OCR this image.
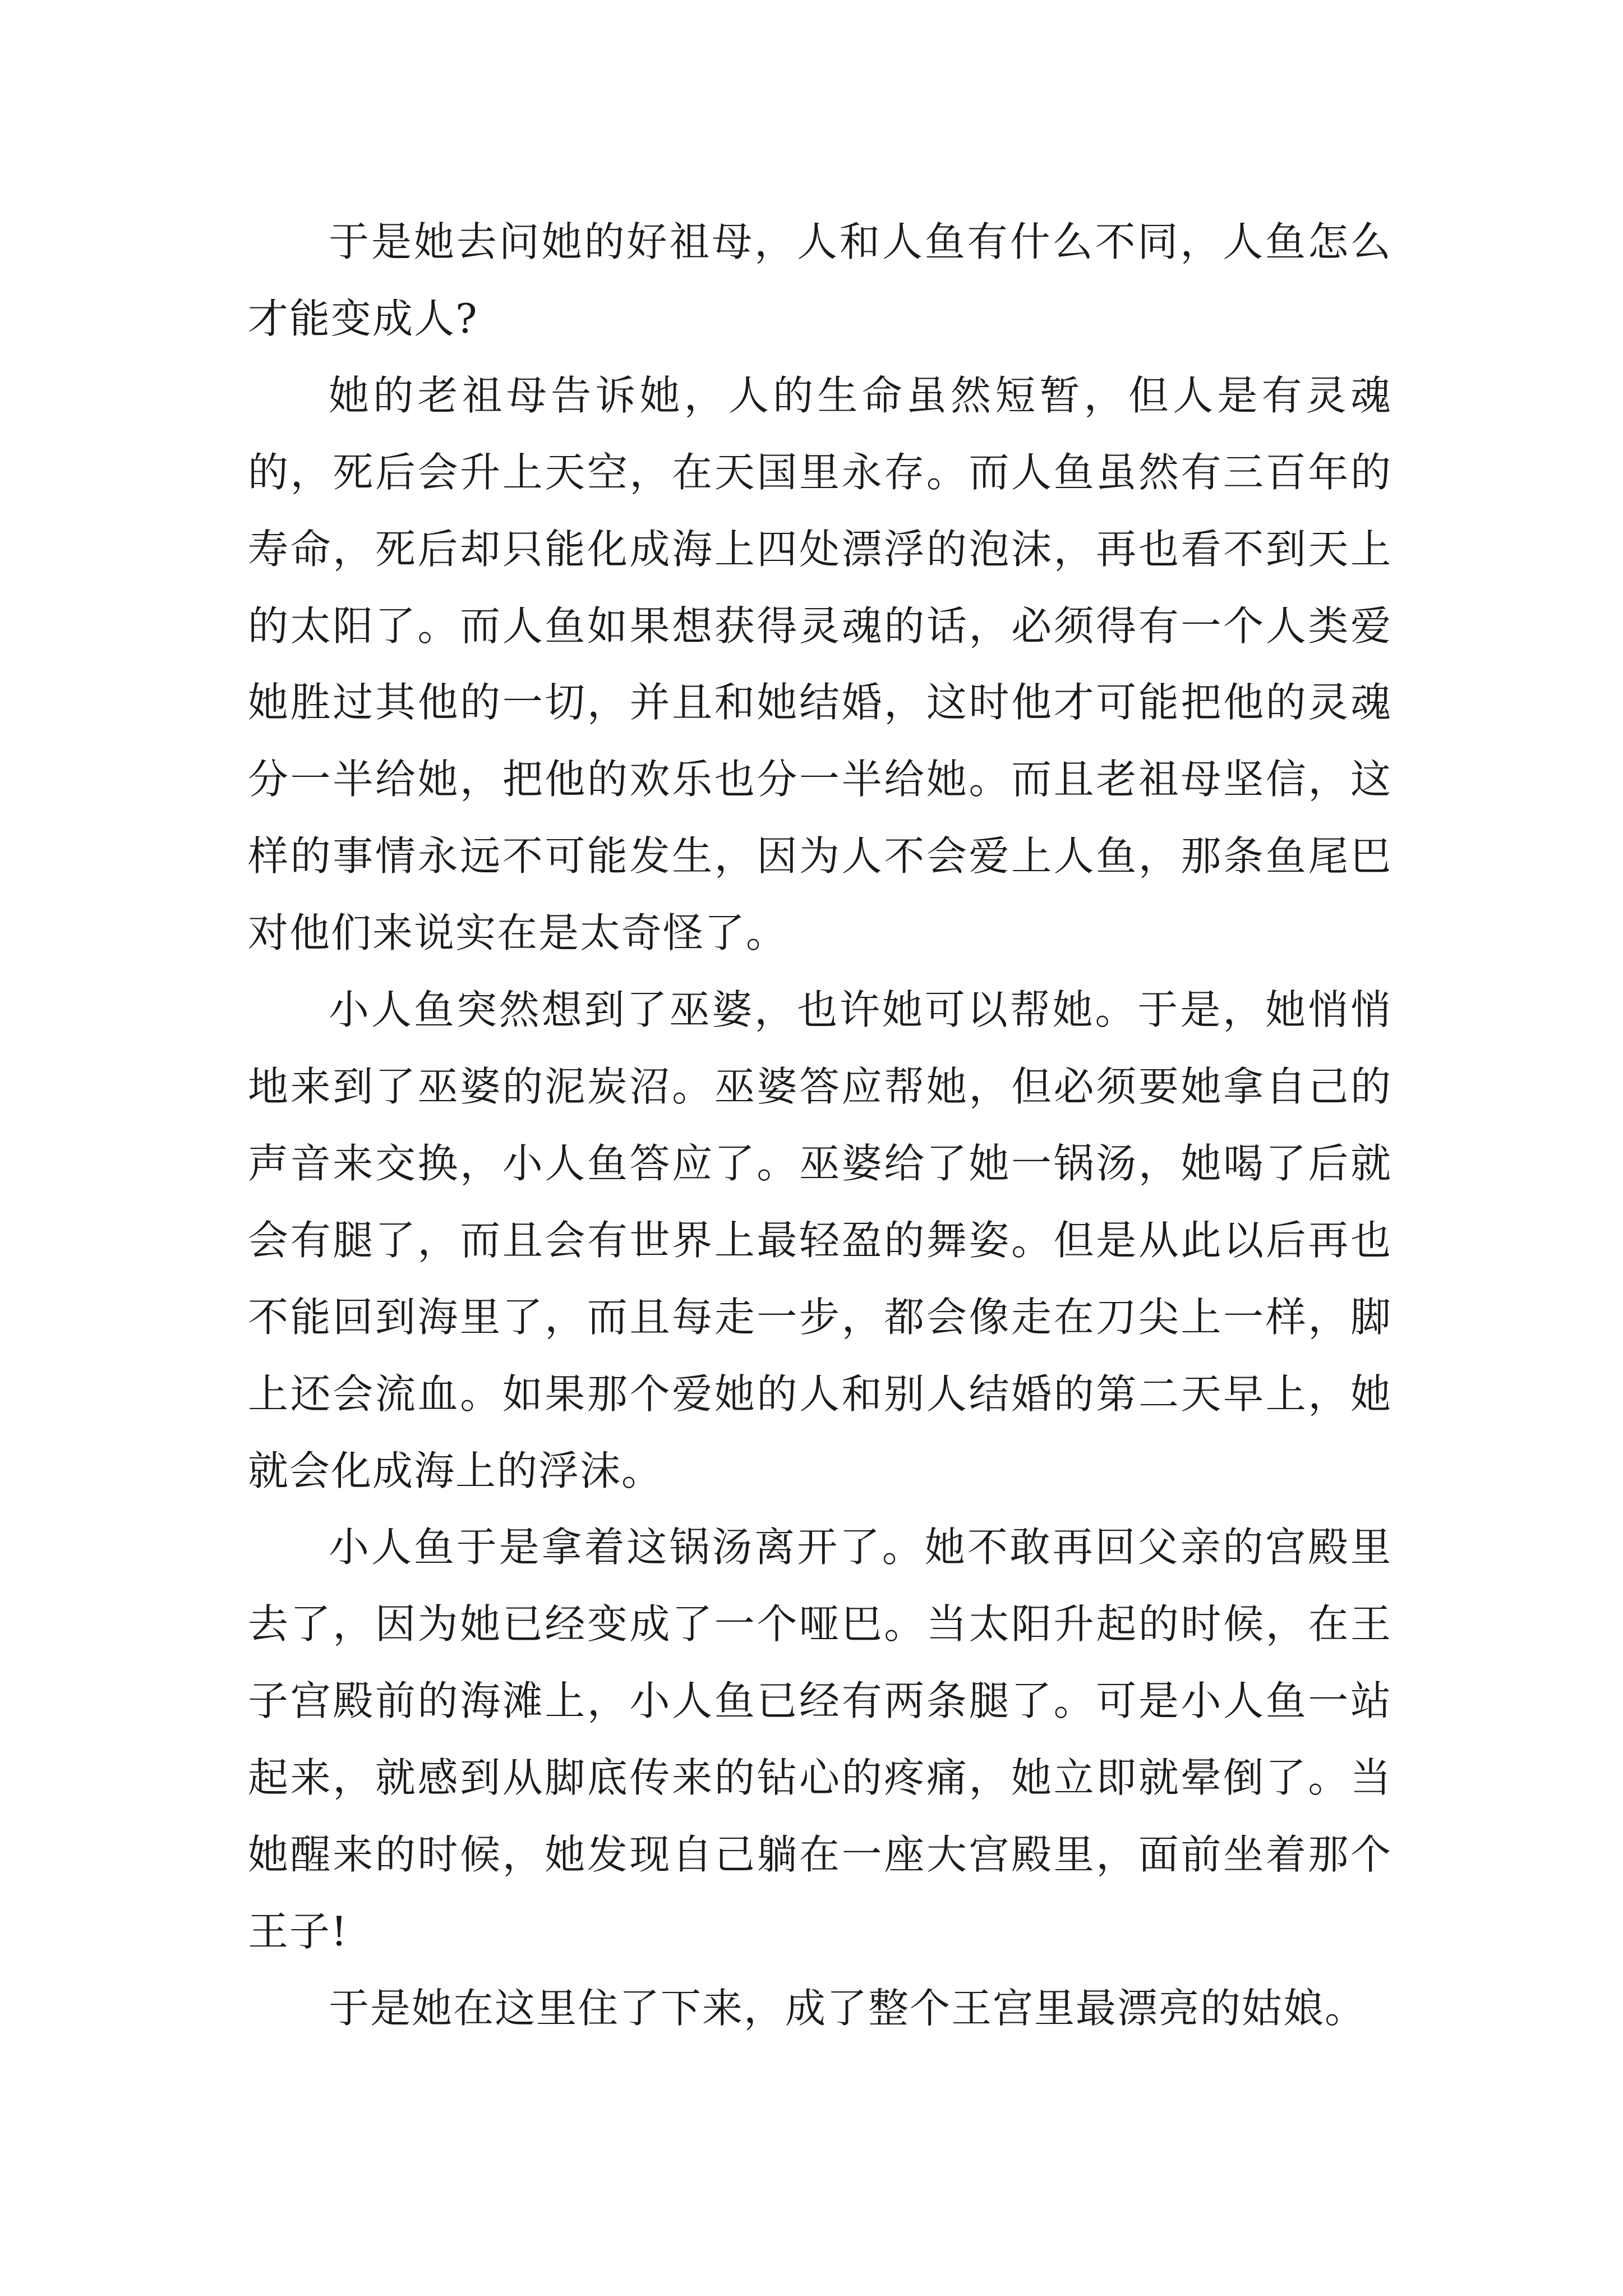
于是她去问她的好祖母，人和人鱼有什么不同，人鱼怎么才能变成人?

她的老祖母告诉她，人的生命虽然短暂，但人是有灵魂的，死后会升上天空，在天国里永存。而人鱼虽然有三百年的寿命，死后却只能化成海上四处漂浮的泡沫，再也看不到天上的太阳了。而人鱼如果想获得灵魂的话，必须得有一个人类爱她胜过其他的一切，并且和她结婚，这时他才可能把他的灵魂分一半给她，把他的欢乐也分一半给她。而且老祖母坚信，这样的事情永远不可能发生，因为人不会爱上人鱼，那条鱼尾巴对他们来说实在是太奇怪了。

小人鱼突然想到了巫婆，也许她可以帮她。于是，她悄悄地来到了巫婆的泥炭沼。巫婆答应帮她，但必须要她拿自己的声音来交换，小人鱼答应了。巫婆给了她一锅汤，她喝了后就会有腿了，而且会有世界上最轻盈的舞姿。但是从此以后再也不能回到海里了，而且每走一步，都会像走在刀尖上一样，脚上还会流血。如果那个爱她的人和别人结婚的第二天早上，她就会化成海上的浮沫。

小人鱼于是拿着这锅汤离开了。她不敢再回父亲的宫殿里去了，因为她已经变成了一个哑巴。当太阳升起的时候，在王子宫殿前的海滩上，小人鱼已经有两条腿了。可是小人鱼一站起来，就感到从脚底传来的钻心的疼痛，她立即就晕倒了。当她醒来的时候，她发现自己躺在一座大宫殿里，面前坐着那个王子!

于是她在这里住了下来，成了整个王宫里最漂亮的姑娘。
